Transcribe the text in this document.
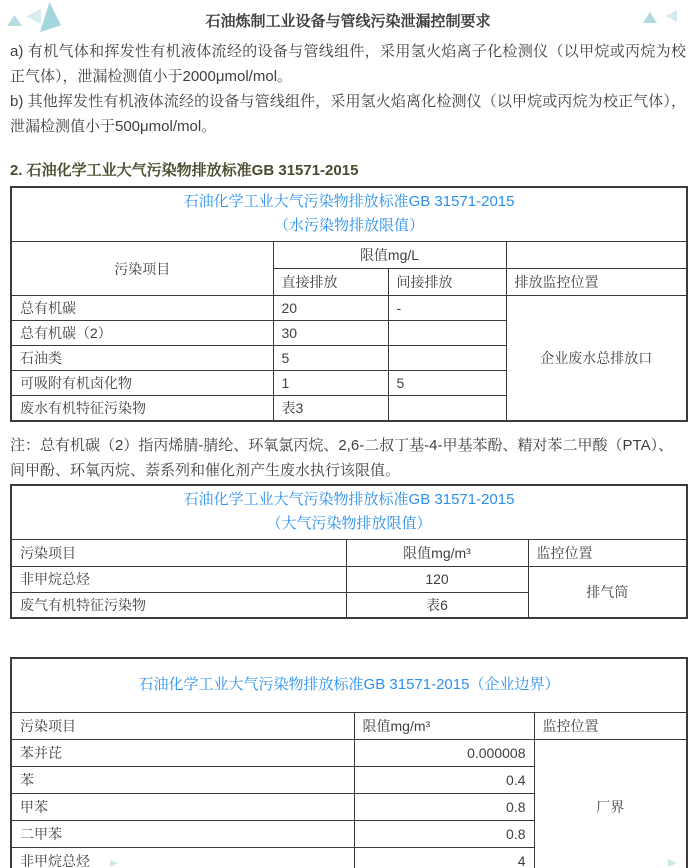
石油炼制工业设备与管线污染泄漏控制要求

a) 有机气体和挥发性有机液体流经的设备与管线组件，采用氢火焰离子化检测仪（以甲烷或丙烷为校正气体），泄漏检测值小于2000μmol/mol。

b) 其他挥发性有机液体流经的设备与管线组件，采用氢火焰离化检测仪（以甲烷或丙烷为校正气体），泄漏检测值小于500μmol/mol。

2. 石油化学工业大气污染物排放标准GB 31571-2015
石油化学工业大气污染物排放标准GB 31571-2015
（水污染物排放限值）			

污染项目	限值mg/L		
	直接排放	间接排放	排放监控位置
总有机碳	20	-	企业废水总排放口
总有机碳（2）	30		
石油类	5		
可吸附有机卤化物	1	5	
废水有机特征污染物	表3		

注：总有机碳（2）指丙烯腈-腈纶、环氧氯丙烷、2,6-二叔丁基-4-甲基苯酚、精对苯二甲酸（PTA）、间甲酚、环氧丙烷、萘系列和催化剂产生废水执行该限值。

石油化学工业大气污染物排放标准GB 31571-2015
（大气污染物排放限值）		

污染项目	限值mg/m³	监控位置
非甲烷总烃	120	排气筒
废气有机特征污染物	表6	
石油化学工业大气污染物排放标准GB 31571-2015（企业边界）		

污染项目	限值mg/m³	监控位置
苯并芘	0.000008	厂界
苯	0.4	
甲苯	0.8	
二甲苯	0.8	
非甲烷总烃	4	
